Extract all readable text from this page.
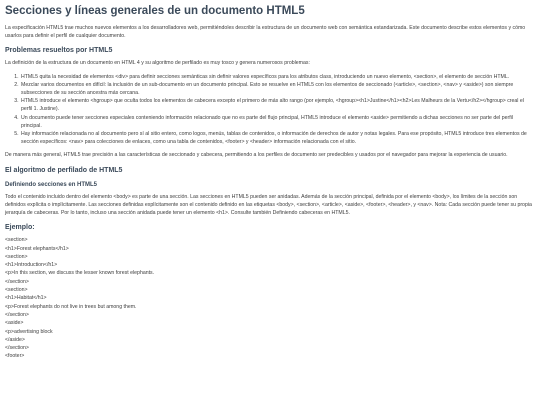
Secciones y líneas generales de un documento HTML5

La especificación HTML5 trae muchos nuevos elementos a los desarrolladores web, permitiéndoles describir la estructura de un documento web con semántica estandarizada. Este documento describe estos elementos y cómo usarlos para definir el perfil de cualquier documento.

Problemas resueltos por HTML5

La definición de la estructura de un documento en HTML 4 y su algoritmo de perfilado es muy tosco y genera numerosos problemas:

1. HTML5 quita la necesidad de elementos <div> para definir secciones semánticas sin definir valores específicos para los atributos class, introduciendo un nuevo elemento, <section>, el elemento de sección HTML.
2. Mezclar varios documentos en difícil: la inclusión de un sub-documento en un documento principal. Esto se resuelve en HTML5 con los elementos de seccionado (<article>, <section>, <nav> y <aside>) son siempre subsecciones de su sección ancestra más cercana.
3. HTML5 introduce el elemento <hgroup> que oculta todos los elementos de cabecera excepto el primero de más alto rango (por ejemplo, <hgroup><h1>Justine</h1><h2>Les Malheurs de la Vertu</h2></hgroup> creal el perfil 1. Justine).
4. Un documento puede tener secciones especiales conteniendo información relacionado que no es parte del flujo principal, HTML5 introduce el elemento <aside> permitiendo a dichas secciones no ser parte del perfil principal.
5. Hay información relacionada no al documento pero sí al sitio entero, como logos, menús, tablas de contenidos, o información de derechos de autor y notas legales. Para ese propósito, HTML5 introduce tres elementos de sección específicos: <nav> para colecciones de enlaces, como una tabla de contenidos, <footer> y <header> información relacionada con el sitio.

De manera más general, HTML5 trae precisión a las características de seccionado y cabecera, permitiendo a los perfiles de documento ser predecibles y usados por el navegador para mejorar la experiencia de usuario.

El algoritmo de perfilado de HTML5
Definiendo secciones en HTML5

Todo el contenido incluido dentro del elemento <body> es parte de una sección. Las secciones en HTML5 pueden ser anidadas. Además de la sección principal, definida por el elemento <body>, los límites de la sección son definidos explícita o implícitamente. Las secciones definidas explícitamente son el contenido definido en las etiquetas <body>, <section>, <article>, <aside>, <footer>, <header>, y <nav>. Nota: Cada sección puede tener su propia jerarquía de cabeceras. Por lo tanto, incluso una sección anidada puede tener un elemento <h1>. Consulte también Definiendo cabeceras en HTML5.

Ejemplo:
<section>
<h1>Forest elephants</h1>
<section>
<h1>Introduction</h1>
<p>In this section, we discuss the lesser known forest elephants.
</section>
<section>
<h1>Habitat</h1>
<p>Forest elephants do not live in trees but among them.
</section>
<aside>
<p>advertising block
</aside>
</section>
<footer>
